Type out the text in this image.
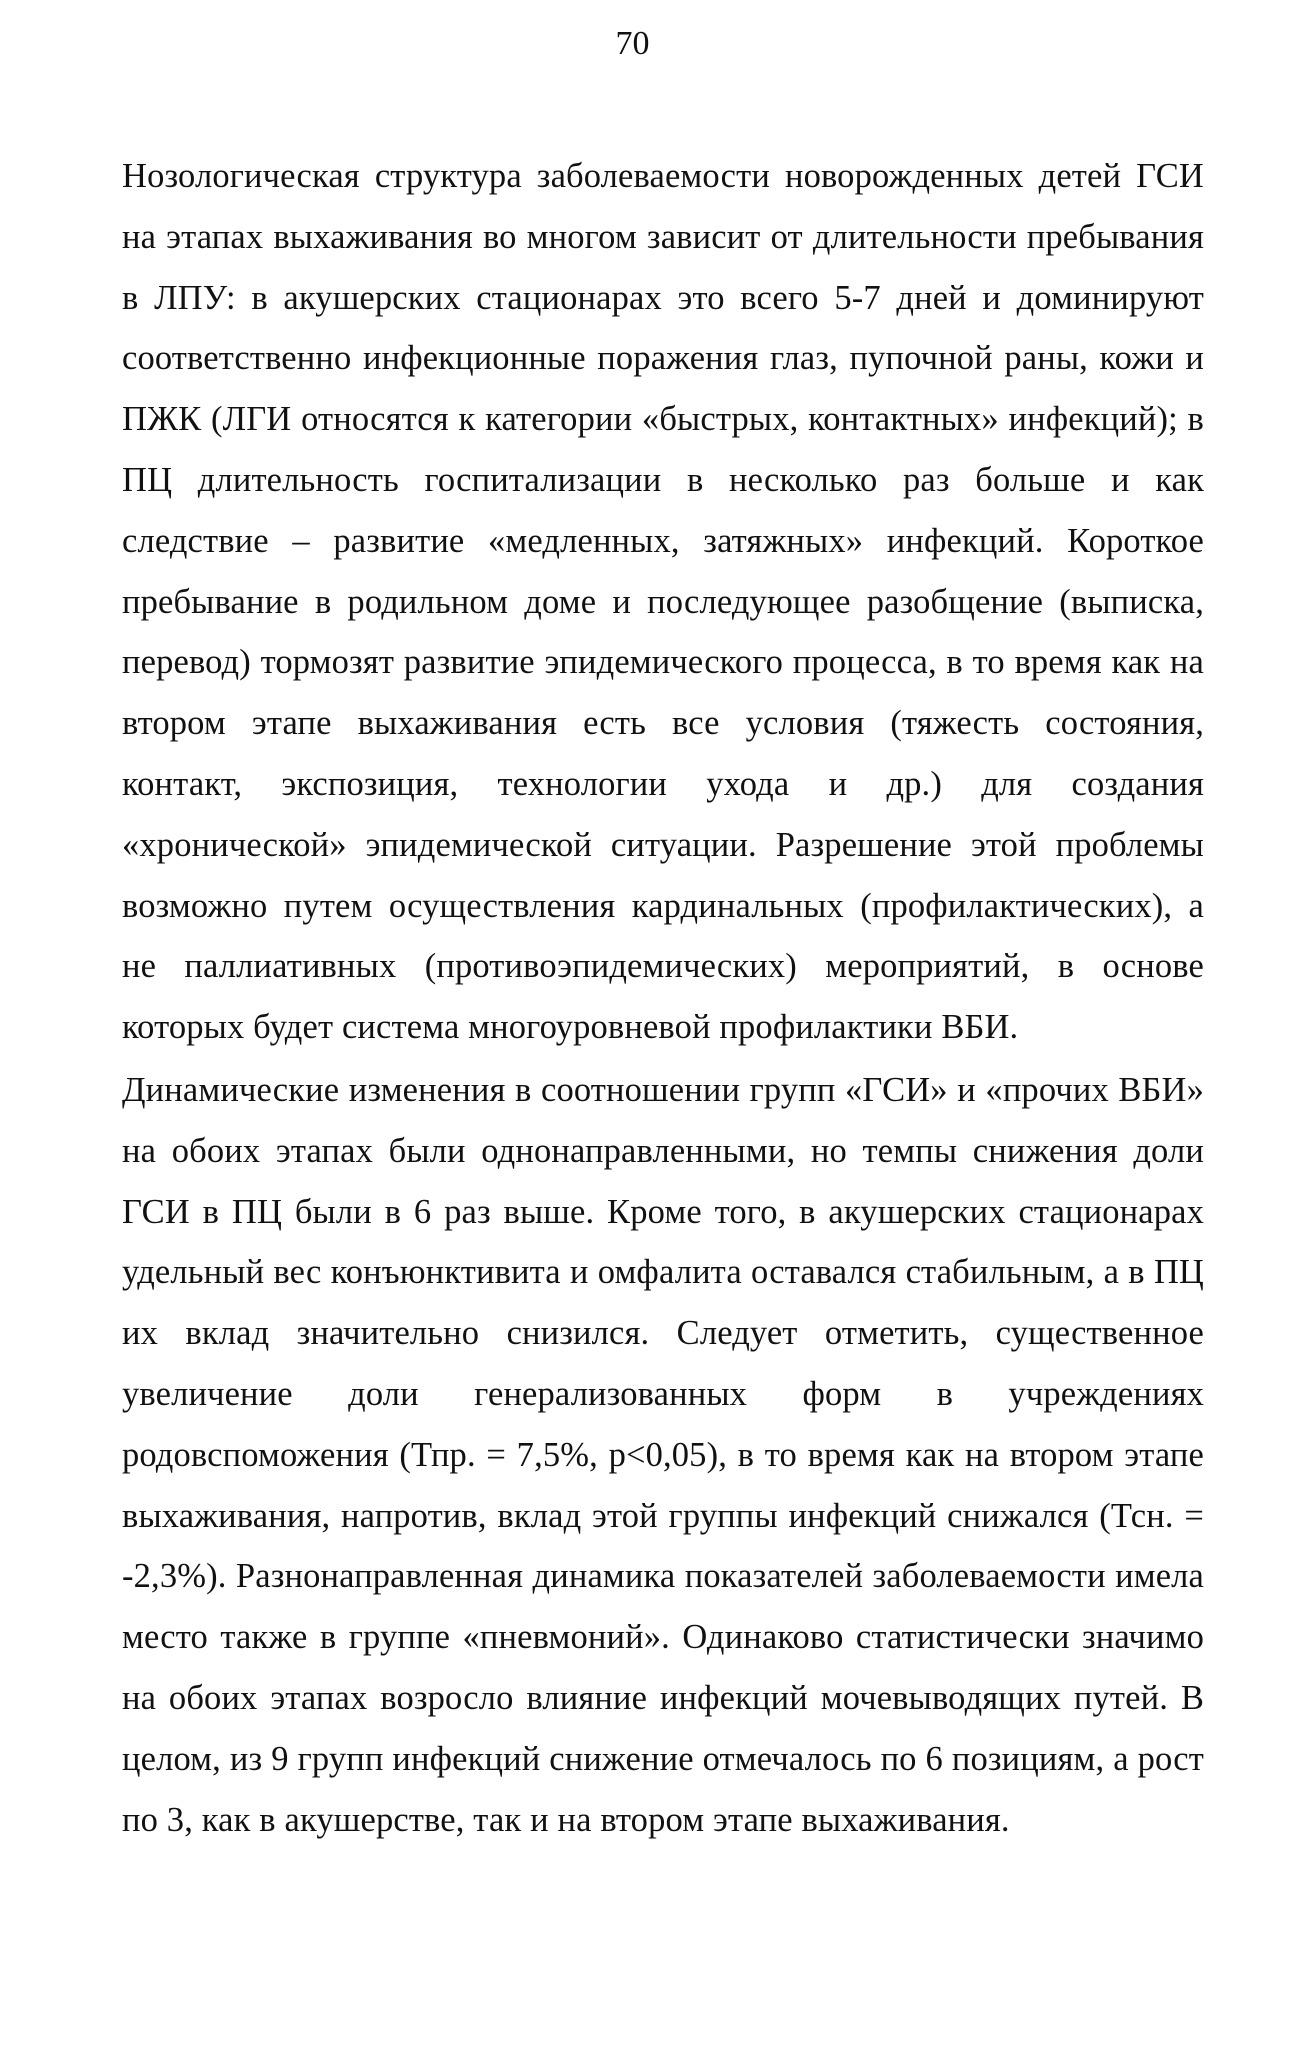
70

Нозологическая структура заболеваемости новорожденных детей ГСИ на этапах выхаживания во многом зависит от длительности пребывания в ЛПУ: в акушерских стационарах это всего 5-7 дней и доминируют соответственно инфекционные поражения глаз, пупочной раны, кожи и ПЖК (ЛГИ относятся к категории «быстрых, контактных» инфекций); в ПЦ длительность госпитализации в несколько раз больше и как следствие – развитие «медленных, затяжных» инфекций. Короткое пребывание в родильном доме и последующее разобщение (выписка, перевод) тормозят развитие эпидемического процесса, в то время как на втором этапе выхаживания есть все условия (тяжесть состояния, контакт, экспозиция, технологии ухода и др.) для создания «хронической» эпидемической ситуации. Разрешение этой проблемы возможно путем осуществления кардинальных (профилактических), а не паллиативных (противоэпидемических) мероприятий, в основе которых будет система многоуровневой профилактики ВБИ.

Динамические изменения в соотношении групп «ГСИ» и «прочих ВБИ» на обоих этапах были однонаправленными, но темпы снижения доли ГСИ в ПЦ были в 6 раз выше. Кроме того, в акушерских стационарах удельный вес конъюнктивита и омфалита оставался стабильным, а в ПЦ их вклад значительно снизился. Следует отметить, существенное увеличение доли генерализованных форм в учреждениях родовспоможения (Тпр. = 7,5%, p<0,05), в то время как на втором этапе выхаживания, напротив, вклад этой группы инфекций снижался (Тсн. = -2,3%). Разнонаправленная динамика показателей заболеваемости имела место также в группе «пневмоний». Одинаково статистически значимо на обоих этапах возросло влияние инфекций мочевыводящих путей. В целом, из 9 групп инфекций снижение отмечалось по 6 позициям, а рост по 3, как в акушерстве, так и на втором этапе выхаживания.
